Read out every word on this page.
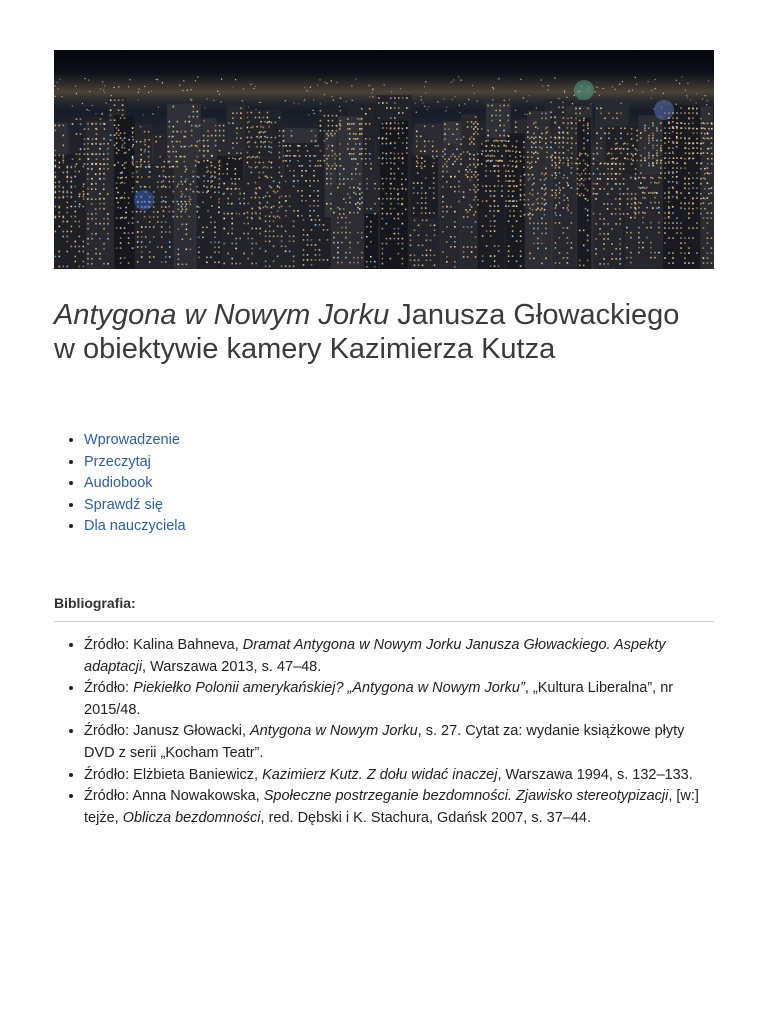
Antygona w Nowym Jorku Janusza Głowackiego
w obiektywie kamery Kazimierza Kutza
• Wprowadzenie
• Przeczytaj
• Audiobook
• Sprawdź się
• Dla nauczyciela

Bibliografia:

• Źródło: Kalina Bahneva, Dramat Antygona w Nowym Jorku Janusza Głowackiego. Aspekty adaptacji, Warszawa 2013, s. 47–48.
• Źródło: Piekiełko Polonii amerykańskiej? „Antygona w Nowym Jorku”, „Kultura Liberalna”, nr 2015/48.
• Źródło: Janusz Głowacki, Antygona w Nowym Jorku, s. 27. Cytat za: wydanie książkowe płyty DVD z serii „Kocham Teatr”.
• Źródło: Elżbieta Baniewicz, Kazimierz Kutz. Z dołu widać inaczej, Warszawa 1994, s. 132–133.
• Źródło: Anna Nowakowska, Społeczne postrzeganie bezdomności. Zjawisko stereotypizacji, [w:] tejże, Oblicza bezdomności, red. Dębski i K. Stachura, Gdańsk 2007, s. 37–44.
